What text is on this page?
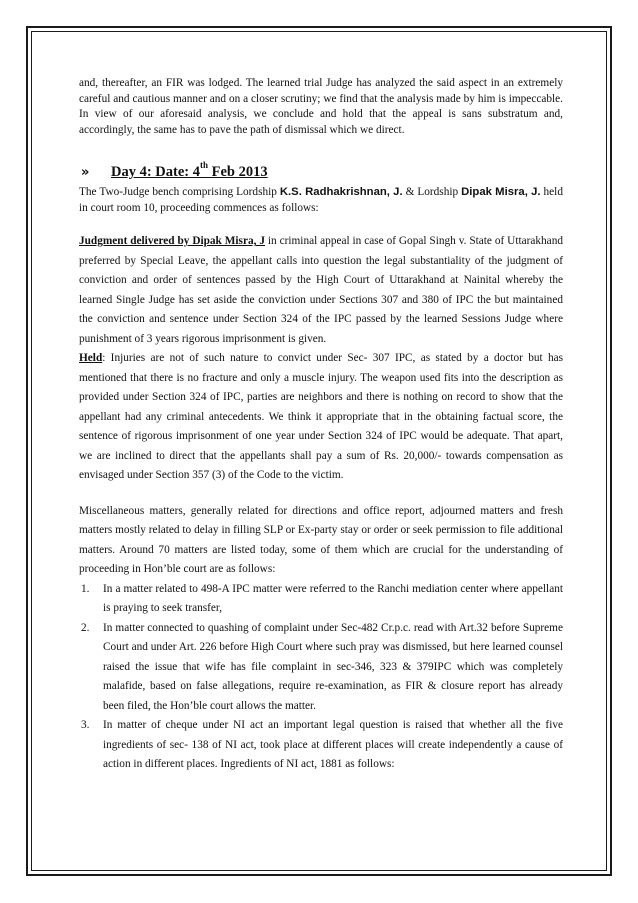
and, thereafter, an FIR was lodged. The learned trial Judge has analyzed the said aspect in an extremely careful and cautious manner and on a closer scrutiny; we find that the analysis made by him is impeccable. In view of our aforesaid analysis, we conclude and hold that the appeal is sans substratum and, accordingly, the same has to pave the path of dismissal which we direct.

»	Day 4: Date: 4th Feb 2013

The Two-Judge bench comprising Lordship K.S. Radhakrishnan, J. & Lordship Dipak Misra, J. held in court room 10, proceeding commences as follows:

Judgment delivered by Dipak Misra, J in criminal appeal in case of Gopal Singh v. State of Uttarakhand preferred by Special Leave, the appellant calls into question the legal substantiality of the judgment of conviction and order of sentences passed by the High Court of Uttarakhand at Nainital whereby the learned Single Judge has set aside the conviction under Sections 307 and 380 of IPC the but maintained the conviction and sentence under Section 324 of the IPC passed by the learned Sessions Judge where punishment of 3 years rigorous imprisonment is given.

Held: Injuries are not of such nature to convict under Sec- 307 IPC, as stated by a doctor but has mentioned that there is no fracture and only a muscle injury. The weapon used fits into the description as provided under Section 324 of IPC, parties are neighbors and there is nothing on record to show that the appellant had any criminal antecedents. We think it appropriate that in the obtaining factual score, the sentence of rigorous imprisonment of one year under Section 324 of IPC would be adequate. That apart, we are inclined to direct that the appellants shall pay a sum of Rs. 20,000/- towards compensation as envisaged under Section 357 (3) of the Code to the victim.

Miscellaneous matters, generally related for directions and office report, adjourned matters and fresh matters mostly related to delay in filling SLP or Ex-party stay or order or seek permission to file additional matters. Around 70 matters are listed today, some of them which are crucial for the understanding of proceeding in Hon’ble court are as follows:

1.	In a matter related to 498-A IPC matter were referred to the Ranchi mediation center where appellant is praying to seek transfer,
2.	In matter connected to quashing of complaint under Sec-482 Cr.p.c. read with Art.32 before Supreme Court and under Art. 226 before High Court where such pray was dismissed, but here learned counsel raised the issue that wife has file complaint in sec-346, 323 & 379IPC which was completely malafide, based on false allegations, require re-examination, as FIR & closure report has already been filed, the Hon’ble court allows the matter.
3.	In matter of cheque under NI act an important legal question is raised that whether all the five ingredients of sec- 138 of NI act, took place at different places will create independently a cause of action in different places. Ingredients of NI act, 1881 as follows:
